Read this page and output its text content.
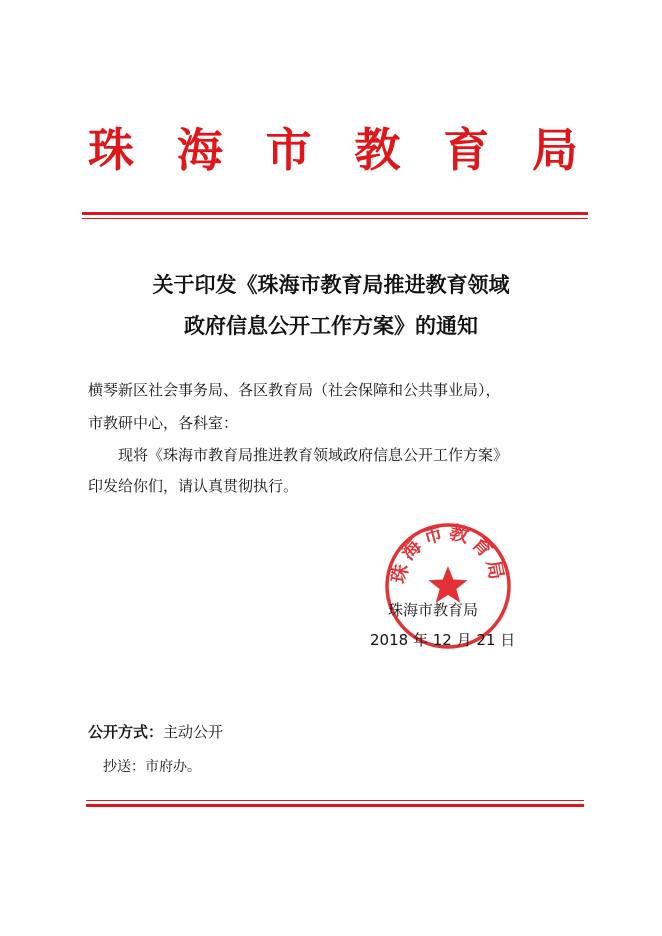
珠 海 市 教 育 局
关于印发《珠海市教育局推进教育领域
政府信息公开工作方案》的通知
横琴新区社会事务局、各区教育局（社会保障和公共事业局），
市教研中心，各科室：
现将《珠海市教育局推进教育领域政府信息公开工作方案》
印发给你们，请认真贯彻执行。
珠海市教育局
珠海市教育局
2018 年 12 月 21 日
公开方式：主动公开
抄送：市府办。
